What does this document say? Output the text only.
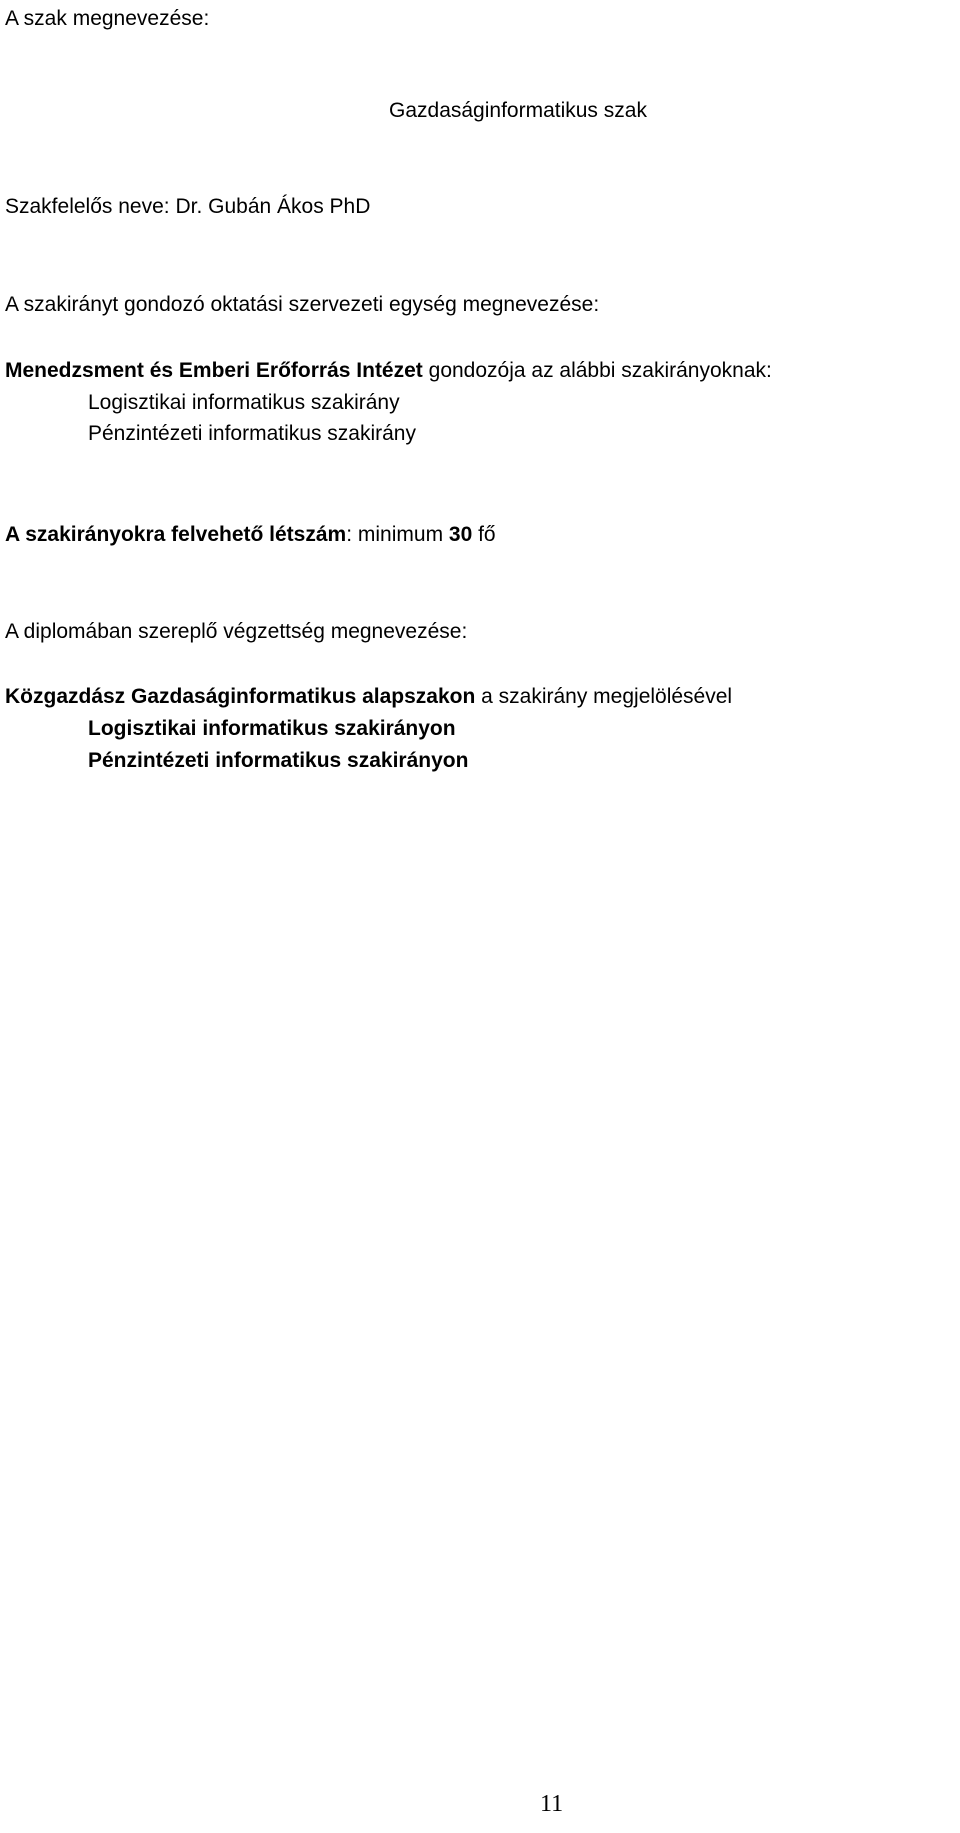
A szak megnevezése:

Gazdaságinformatikus szak

Szakfelelős neve: Dr. Gubán Ákos PhD

A szakirányt gondozó oktatási szervezeti egység megnevezése:

Menedzsment és Emberi Erőforrás Intézet gondozója az alábbi szakirányoknak:

Logisztikai informatikus szakirány

Pénzintézeti informatikus szakirány

A szakirányokra felvehető létszám: minimum 30 fő

A diplomában szereplő végzettség megnevezése:

Közgazdász Gazdaságinformatikus alapszakon a szakirány megjelölésével

Logisztikai informatikus szakirányon

Pénzintézeti informatikus szakirányon

11
